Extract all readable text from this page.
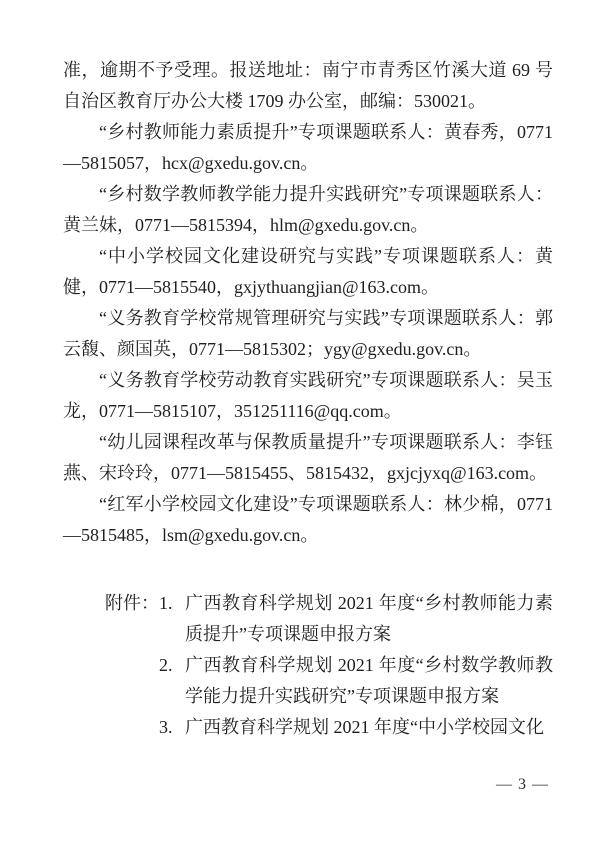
准，逾期不予受理。报送地址：南宁市青秀区竹溪大道 69 号自治区教育厅办公大楼 1709 办公室，邮编：530021。

“乡村教师能力素质提升”专项课题联系人：黄春秀，0771—5815057，hcx@gxedu.gov.cn。

“乡村数学教师教学能力提升实践研究”专项课题联系人：黄兰妹，0771—5815394，hlm@gxedu.gov.cn。

“中小学校园文化建设研究与实践”专项课题联系人：黄健，0771—5815540，gxjythuangjian@163.com。

“义务教育学校常规管理研究与实践”专项课题联系人：郭云馥、颜国英，0771—5815302；ygy@gxedu.gov.cn。

“义务教育学校劳动教育实践研究”专项课题联系人：吴玉龙，0771—5815107，351251116@qq.com。

“幼儿园课程改革与保教质量提升”专项课题联系人：李钰燕、宋玲玲，0771—5815455、5815432，gxjcjyxq@163.com。

“红军小学校园文化建设”专项课题联系人：林少棉，0771—5815485，lsm@gxedu.gov.cn。

附件： 1. 广西教育科学规划 2021 年度“乡村教师能力素质提升”专项课题申报方案
2. 广西教育科学规划 2021 年度“乡村数学教师教学能力提升实践研究”专项课题申报方案
3. 广西教育科学规划 2021 年度“中小学校园文化
— 3 —
